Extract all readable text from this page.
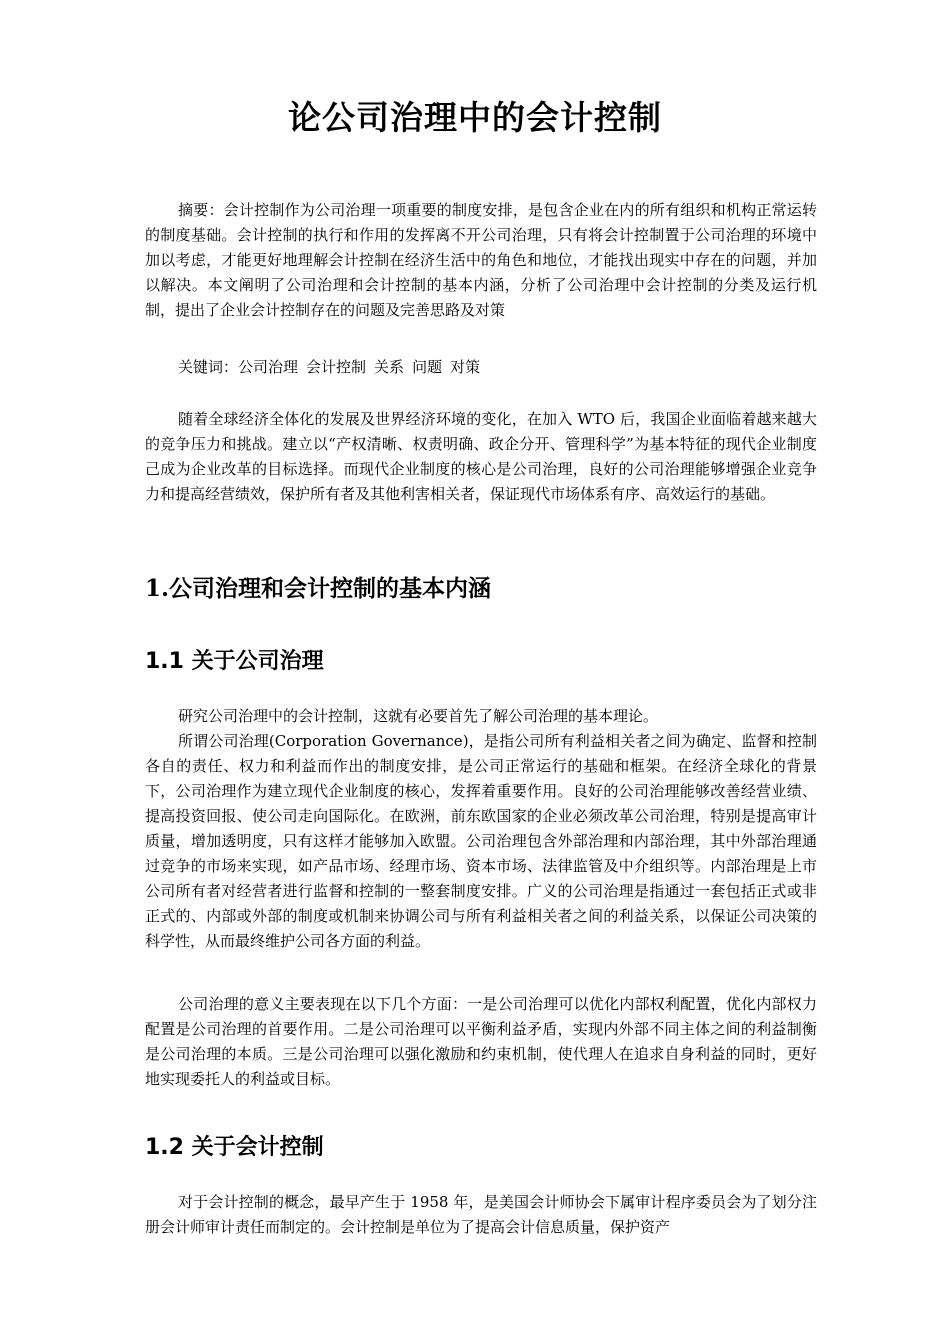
论公司治理中的会计控制

摘要：会计控制作为公司治理一项重要的制度安排，是包含企业在内的所有组织和机构正常运转的制度基础。会计控制的执行和作用的发挥离不开公司治理，只有将会计控制置于公司治理的环境中加以考虑，才能更好地理解会计控制在经济生活中的角色和地位，才能找出现实中存在的问题，并加以解决。本文阐明了公司治理和会计控制的基本内涵，分析了公司治理中会计控制的分类及运行机制，提出了企业会计控制存在的问题及完善思路及对策

关键词：公司治理 会计控制 关系 问题 对策

随着全球经济全体化的发展及世界经济环境的变化，在加入 WTO 后，我国企业面临着越来越大的竞争压力和挑战。建立以“产权清晰、权责明确、政企分开、管理科学”为基本特征的现代企业制度己成为企业改革的目标选择。而现代企业制度的核心是公司治理，良好的公司治理能够增强企业竞争力和提高经营绩效，保护所有者及其他利害相关者，保证现代市场体系有序、高效运行的基础。

1.公司治理和会计控制的基本内涵
1.1 关于公司治理

研究公司治理中的会计控制，这就有必要首先了解公司治理的基本理论。

所谓公司治理(Corporation Governance)，是指公司所有利益相关者之间为确定、监督和控制各自的责任、权力和利益而作出的制度安排，是公司正常运行的基础和框架。在经济全球化的背景下，公司治理作为建立现代企业制度的核心，发挥着重要作用。良好的公司治理能够改善经营业绩、提高投资回报、使公司走向国际化。在欧洲，前东欧国家的企业必须改革公司治理，特别是提高审计质量，增加透明度，只有这样才能够加入欧盟。公司治理包含外部治理和内部治理，其中外部治理通过竞争的市场来实现，如产品市场、经理市场、资本市场、法律监管及中介组织等。内部治理是上市公司所有者对经营者进行监督和控制的一整套制度安排。广义的公司治理是指通过一套包括正式或非正式的、内部或外部的制度或机制来协调公司与所有利益相关者之间的利益关系，以保证公司决策的科学性，从而最终维护公司各方面的利益。

公司治理的意义主要表现在以下几个方面：一是公司治理可以优化内部权利配置，优化内部权力配置是公司治理的首要作用。二是公司治理可以平衡利益矛盾，实现内外部不同主体之间的利益制衡是公司治理的本质。三是公司治理可以强化激励和约束机制，使代理人在追求自身利益的同时，更好地实现委托人的利益或目标。

1.2 关于会计控制

对于会计控制的概念，最早产生于 1958 年，是美国会计师协会下属审计程序委员会为了划分注册会计师审计责任而制定的。会计控制是单位为了提高会计信息质量，保护资产
